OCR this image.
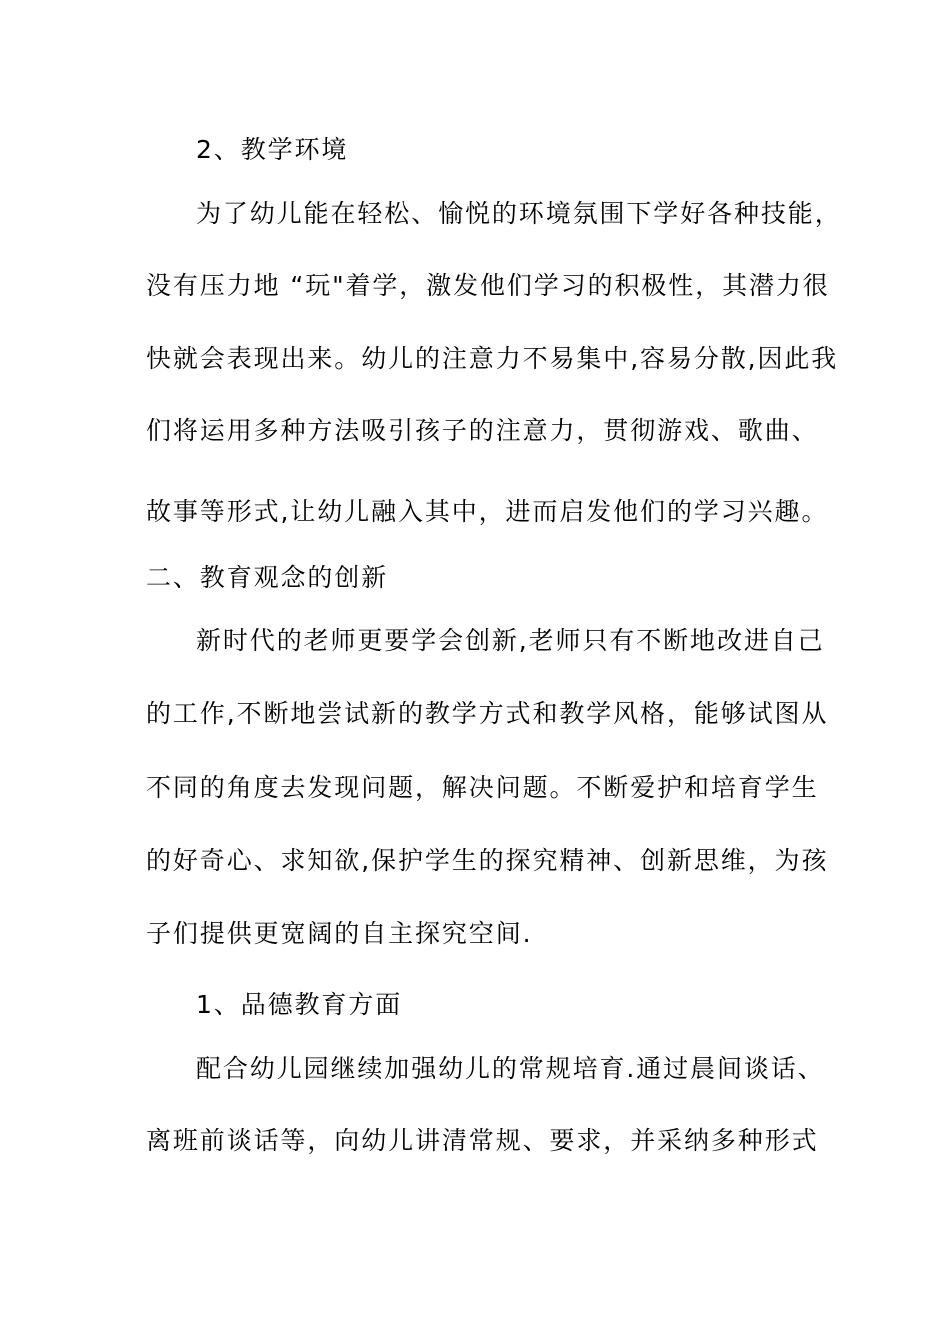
2、教学环境
为了幼儿能在轻松、愉悦的环境氛围下学好各种技能，
没有压力地 “玩"着学，激发他们学习的积极性，其潜力很
快就会表现出来。幼儿的注意力不易集中,容易分散,因此我
们将运用多种方法吸引孩子的注意力，贯彻游戏、歌曲、
故事等形式,让幼儿融入其中，进而启发他们的学习兴趣。
二、教育观念的创新
新时代的老师更要学会创新,老师只有不断地改进自己
的工作,不断地尝试新的教学方式和教学风格，能够试图从
不同的角度去发现问题，解决问题。不断爱护和培育学生
的好奇心、求知欲,保护学生的探究精神、创新思维，为孩
子们提供更宽阔的自主探究空间.
1、品德教育方面
配合幼儿园继续加强幼儿的常规培育.通过晨间谈话、
离班前谈话等，向幼儿讲清常规、要求，并采纳多种形式
